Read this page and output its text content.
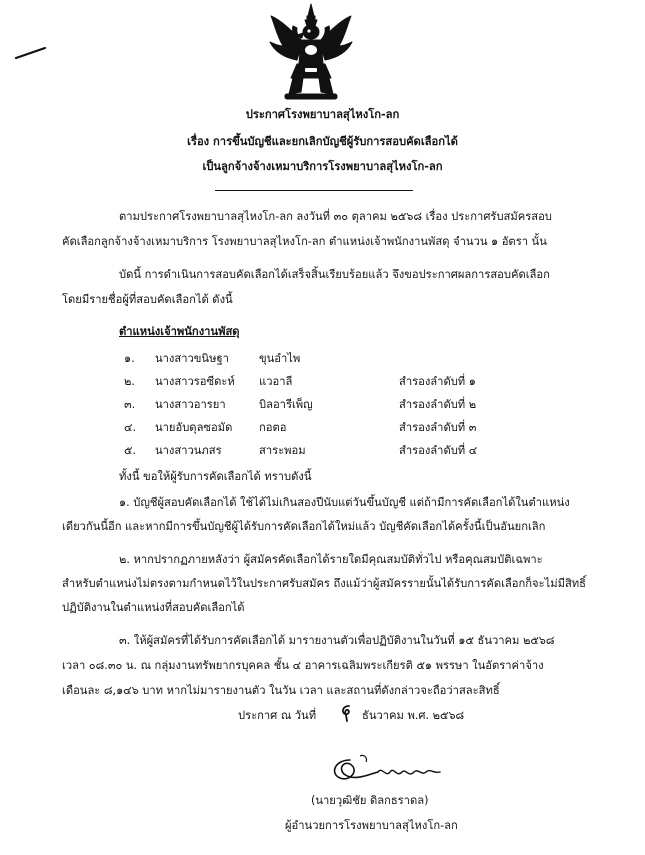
ประกาศโรงพยาบาลสุไหงโก-ลก
เรื่อง การขึ้นบัญชีและยกเลิกบัญชีผู้รับการสอบคัดเลือกได้
เป็นลูกจ้างจ้างเหมาบริการโรงพยาบาลสุไหงโก-ลก
ตามประกาศโรงพยาบาลสุไหงโก-ลก ลงวันที่ ๓๐ ตุลาคม ๒๕๖๘ เรื่อง ประกาศรับสมัครสอบ
คัดเลือกลูกจ้างจ้างเหมาบริการ โรงพยาบาลสุไหงโก-ลก ตำแหน่งเจ้าพนักงานพัสดุ จำนวน ๑ อัตรา นั้น
บัดนี้ การดำเนินการสอบคัดเลือกได้เสร็จสิ้นเรียบร้อยแล้ว จึงขอประกาศผลการสอบคัดเลือก
โดยมีรายชื่อผู้ที่สอบคัดเลือกได้ ดังนี้
ตำแหน่งเจ้าพนักงานพัสดุ
๑. นางสาวขนิษฐา	ขุนอำไพ
๒. นางสาวรอซีดะห์ แวอาลี	สำรองลำดับที่ ๑
๓. นางสาวอารยา	บิลอารีเพ็ญ	สำรองลำดับที่ ๒
๔. นายอับดุลซอมัด กอตอ	สำรองลำดับที่ ๓
๕. นางสาวนภสร	สาระพอม	สำรองลำดับที่ ๔
ทั้งนี้ ขอให้ผู้รับการคัดเลือกได้ ทราบดังนี้
๑. บัญชีผู้สอบคัดเลือกได้ ใช้ได้ไม่เกินสองปีนับแต่วันขึ้นบัญชี แต่ถ้ามีการคัดเลือกได้ในตำแหน่ง
เดียวกันนี้อีก และหากมีการขึ้นบัญชีผู้ได้รับการคัดเลือกได้ใหม่แล้ว บัญชีคัดเลือกได้ครั้งนี้เป็นอันยกเลิก
๒. หากปรากฏภายหลังว่า ผู้สมัครคัดเลือกได้รายใดมีคุณสมบัติทั่วไป หรือคุณสมบัติเฉพาะ
สำหรับตำแหน่งไม่ตรงตามกำหนดไว้ในประกาศรับสมัคร ถึงแม้ว่าผู้สมัครรายนั้นได้รับการคัดเลือกก็จะไม่มีสิทธิ์
ปฏิบัติงานในตำแหน่งที่สอบคัดเลือกได้
๓. ให้ผู้สมัครที่ได้รับการคัดเลือกได้ มารายงานตัวเพื่อปฏิบัติงานในวันที่ ๑๕ ธันวาคม ๒๕๖๘
เวลา ๐๘.๓๐ น. ณ กลุ่มงานทรัพยากรบุคคล ชั้น ๔ อาคารเฉลิมพระเกียรติ ๕๑ พรรษา ในอัตราค่าจ้าง
เดือนละ ๘,๑๔๖ บาท หากไม่มารายงานตัว ในวัน เวลา และสถานที่ดังกล่าวจะถือว่าสละสิทธิ์
ประกาศ ณ วันที่	ธันวาคม พ.ศ. ๒๕๖๘
(นายวุฒิชัย ดิลกธราดล)
ผู้อำนวยการโรงพยาบาลสุไหงโก-ลก
